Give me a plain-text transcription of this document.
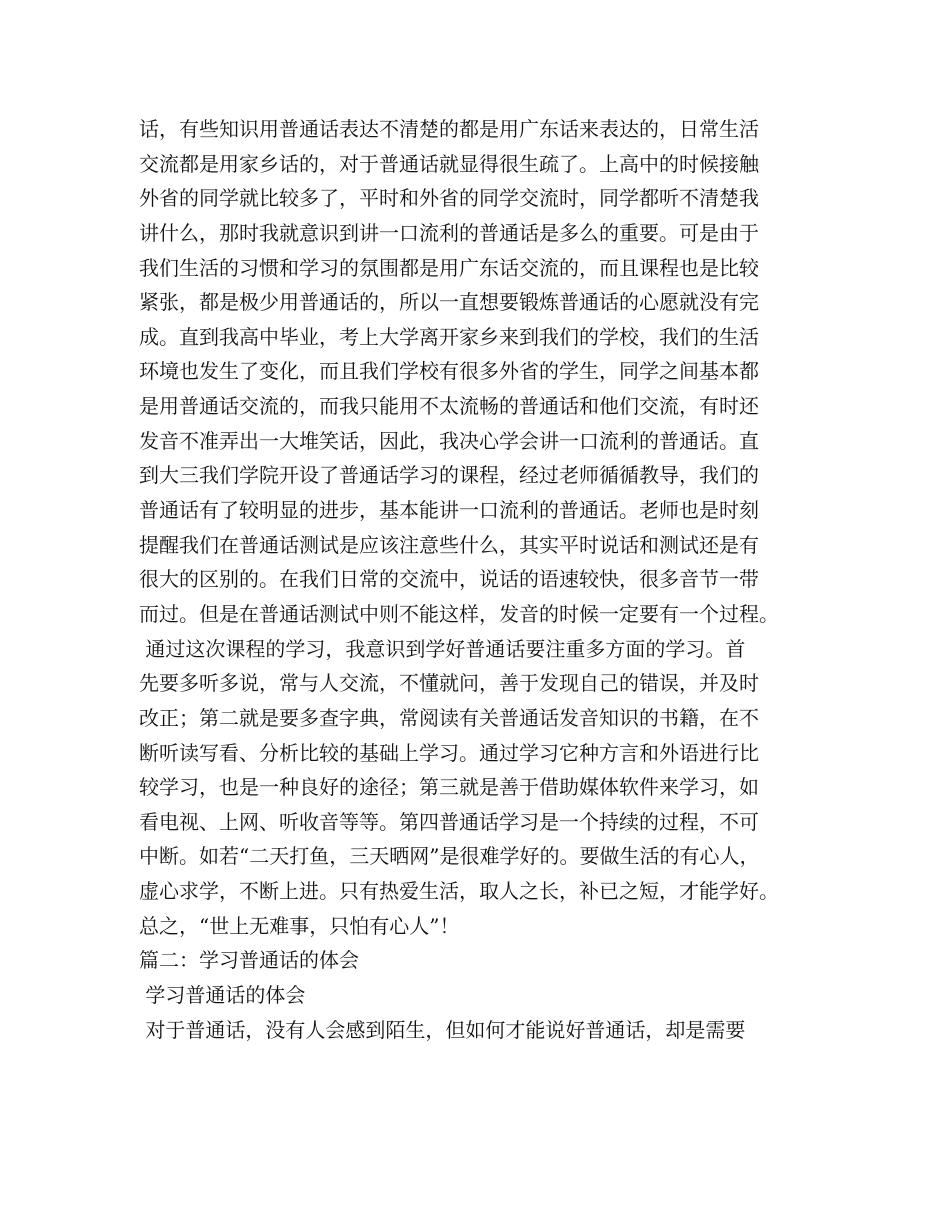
话，有些知识用普通话表达不清楚的都是用广东话来表达的，日常生活
交流都是用家乡话的，对于普通话就显得很生疏了。上高中的时候接触
外省的同学就比较多了，平时和外省的同学交流时，同学都听不清楚我
讲什么，那时我就意识到讲一口流利的普通话是多么的重要。可是由于
我们生活的习惯和学习的氛围都是用广东话交流的，而且课程也是比较
紧张，都是极少用普通话的，所以一直想要锻炼普通话的心愿就没有完
成。直到我高中毕业，考上大学离开家乡来到我们的学校，我们的生活
环境也发生了变化，而且我们学校有很多外省的学生，同学之间基本都
是用普通话交流的，而我只能用不太流畅的普通话和他们交流，有时还
发音不准弄出一大堆笑话，因此，我决心学会讲一口流利的普通话。直
到大三我们学院开设了普通话学习的课程，经过老师循循教导，我们的
普通话有了较明显的进步，基本能讲一口流利的普通话。老师也是时刻
提醒我们在普通话测试是应该注意些什么，其实平时说话和测试还是有
很大的区别的。在我们日常的交流中，说话的语速较快，很多音节一带
而过。但是在普通话测试中则不能这样，发音的时候一定要有一个过程。
通过这次课程的学习，我意识到学好普通话要注重多方面的学习。首
先要多听多说，常与人交流，不懂就问，善于发现自己的错误，并及时
改正；第二就是要多查字典，常阅读有关普通话发音知识的书籍，在不
断听读写看、分析比较的基础上学习。通过学习它种方言和外语进行比
较学习，也是一种良好的途径；第三就是善于借助媒体软件来学习，如
看电视、上网、听收音等等。第四普通话学习是一个持续的过程，不可
中断。如若“二天打鱼，三天晒网”是很难学好的。要做生活的有心人，
虚心求学，不断上进。只有热爱生活，取人之长，补已之短，才能学好。
总之，“世上无难事，只怕有心人”！
篇二：学习普通话的体会
学习普通话的体会
对于普通话，没有人会感到陌生，但如何才能说好普通话，却是需要
